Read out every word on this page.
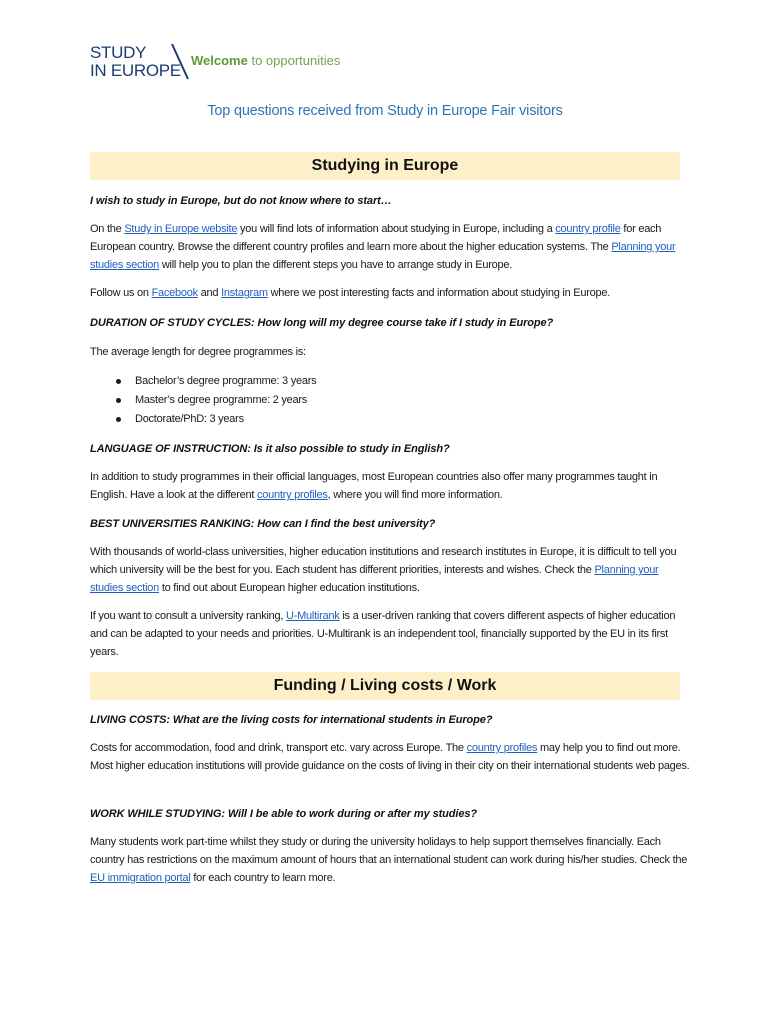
STUDY
IN EUROPE
Welcome to opportunities
Top questions received from Study in Europe Fair visitors
Studying in Europe
I wish to study in Europe, but do not know where to start…
On the Study in Europe website you will find lots of information about studying in Europe, including a country profile for each European country. Browse the different country profiles and learn more about the higher education systems. The Planning your studies section will help you to plan the different steps you have to arrange study in Europe.
Follow us on Facebook and Instagram where we post interesting facts and information about studying in Europe.
DURATION OF STUDY CYCLES: How long will my degree course take if I study in Europe?
The average length for degree programmes is:
Bachelor’s degree programme: 3 years
Master’s degree programme: 2 years
Doctorate/PhD: 3 years
LANGUAGE OF INSTRUCTION: Is it also possible to study in English?
In addition to study programmes in their official languages, most European countries also offer many programmes taught in English. Have a look at the different country profiles, where you will find more information.
BEST UNIVERSITIES RANKING: How can I find the best university?
With thousands of world-class universities, higher education institutions and research institutes in Europe, it is difficult to tell you which university will be the best for you. Each student has different priorities, interests and wishes. Check the Planning your studies section to find out about European higher education institutions.
If you want to consult a university ranking, U-Multirank is a user-driven ranking that covers different aspects of higher education and can be adapted to your needs and priorities. U-Multirank is an independent tool, financially supported by the EU in its first years.
Funding / Living costs / Work
LIVING COSTS: What are the living costs for international students in Europe?
Costs for accommodation, food and drink, transport etc. vary across Europe. The country profiles may help you to find out more. Most higher education institutions will provide guidance on the costs of living in their city on their international students web pages.
WORK WHILE STUDYING: Will I be able to work during or after my studies?
Many students work part-time whilst they study or during the university holidays to help support themselves financially. Each country has restrictions on the maximum amount of hours that an international student can work during his/her studies. Check the EU immigration portal for each country to learn more.
